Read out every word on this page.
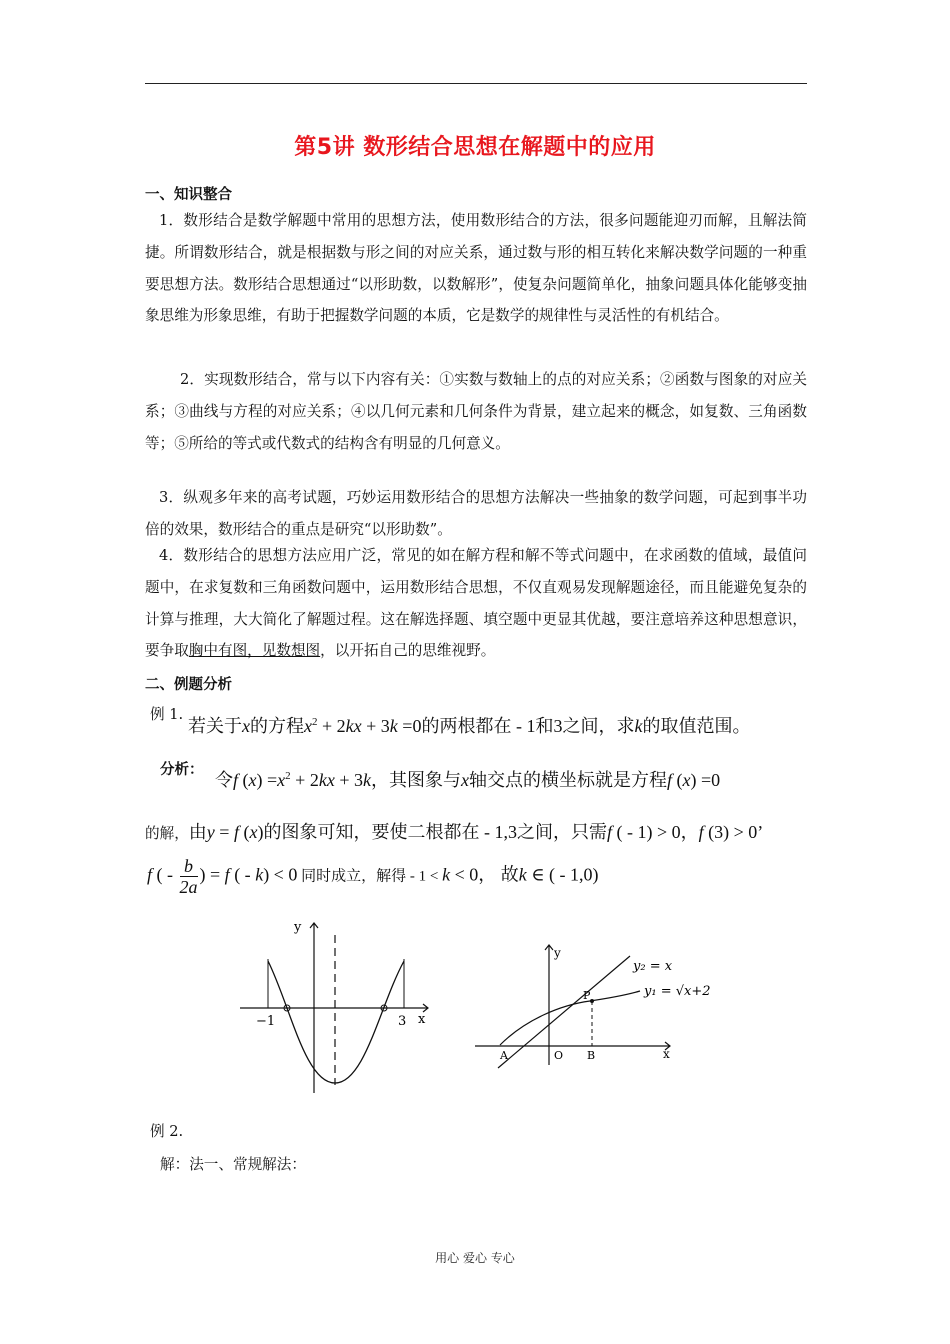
第5讲 数形结合思想在解题中的应用
一、知识整合
1．数形结合是数学解题中常用的思想方法，使用数形结合的方法，很多问题能迎刃而解，且解法简捷。所谓数形结合，就是根据数与形之间的对应关系，通过数与形的相互转化来解决数学问题的一种重要思想方法。数形结合思想通过“以形助数，以数解形”，使复杂问题简单化，抽象问题具体化能够变抽象思维为形象思维，有助于把握数学问题的本质，它是数学的规律性与灵活性的有机结合。
2．实现数形结合，常与以下内容有关：①实数与数轴上的点的对应关系；②函数与图象的对应关系；③曲线与方程的对应关系；④以几何元素和几何条件为背景，建立起来的概念，如复数、三角函数等；⑤所给的等式或代数式的结构含有明显的几何意义。
3．纵观多年来的高考试题，巧妙运用数形结合的思想方法解决一些抽象的数学问题，可起到事半功倍的效果，数形结合的重点是研究“以形助数”。
4．数形结合的思想方法应用广泛，常见的如在解方程和解不等式问题中，在求函数的值域，最值问题中，在求复数和三角函数问题中，运用数形结合思想，不仅直观易发现解题途径，而且能避免复杂的计算与推理，大大简化了解题过程。这在解选择题、填空题中更显其优越，要注意培养这种思想意识，要争取胸中有图，见数想图，以开拓自己的思维视野。
二、例题分析
例 1.
若关于x的方程$x^2 + 2kx + 3k =0$的两根都在 - 1和3之间，求k的取值范围。
分析： 令f $(x) =x^2 + 2kx + 3k$，其图象与x轴交点的横坐标就是方程f (x) =0
的解，由y = f (x)的图象可知，要使二根都在 - 1,3之间，只需f ( - 1) > 0，f (3) > 0’
f ( - $\frac{b}{2a}$ ) = f ( - k) < 0 同时成立，解得 - 1 < k < 0， 故k ∈ ( - 1,0)
y
x
−1	3
y
x
A	O B
P
y₂ = x
y₁ = √x+2
例 2.
解：法一、常规解法：
用心 爱心 专心
